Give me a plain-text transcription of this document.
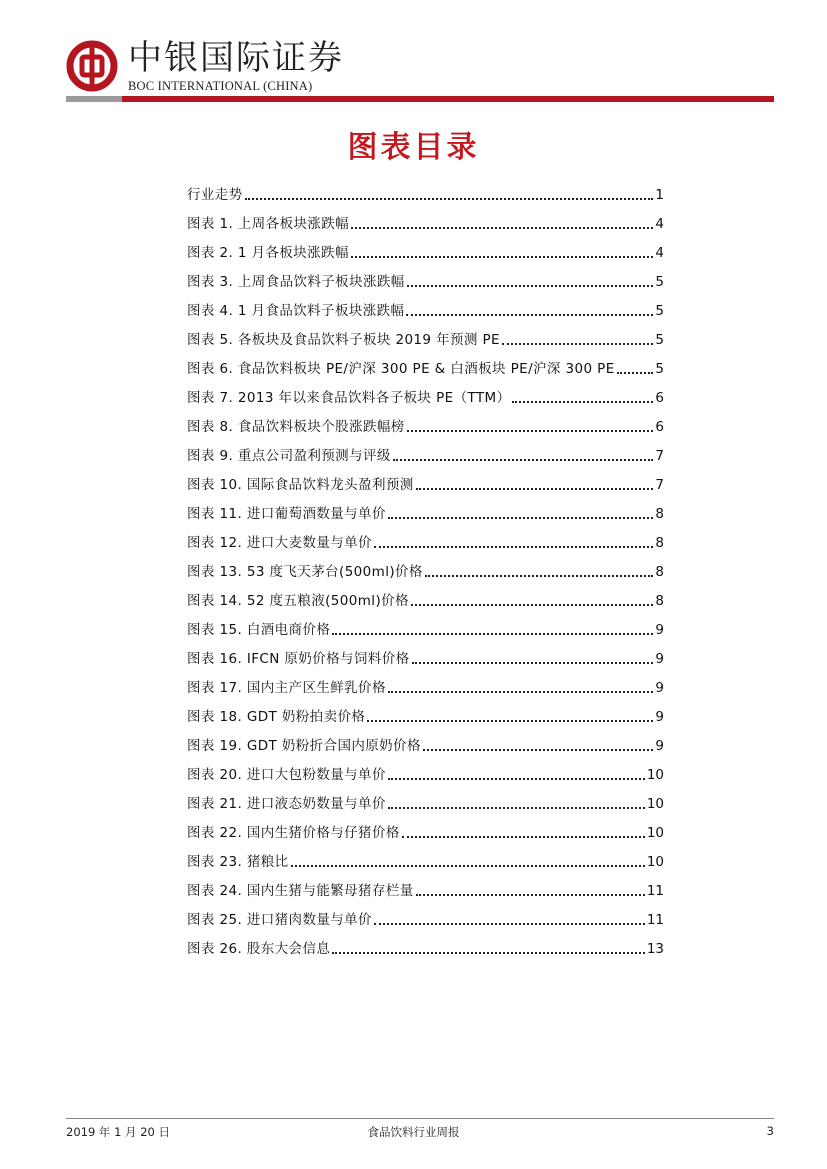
中银国际证券
BOC INTERNATIONAL (CHINA)
图表目录
行业走势	1
图表 1. 上周各板块涨跌幅	4
图表 2. 1 月各板块涨跌幅	4
图表 3. 上周食品饮料子板块涨跌幅	5
图表 4. 1 月食品饮料子板块涨跌幅	5
图表 5. 各板块及食品饮料子板块 2019 年预测 PE	5
图表 6. 食品饮料板块 PE/沪深 300 PE & 白酒板块 PE/沪深 300 PE	5
图表 7. 2013 年以来食品饮料各子板块 PE（TTM）	6
图表 8. 食品饮料板块个股涨跌幅榜	6
图表 9. 重点公司盈利预测与评级	7
图表 10. 国际食品饮料龙头盈利预测	7
图表 11. 进口葡萄酒数量与单价	8
图表 12. 进口大麦数量与单价	8
图表 13. 53 度飞天茅台(500ml)价格	8
图表 14. 52 度五粮液(500ml)价格	8
图表 15. 白酒电商价格	9
图表 16. IFCN 原奶价格与饲料价格	9
图表 17. 国内主产区生鲜乳价格	9
图表 18. GDT 奶粉拍卖价格	9
图表 19. GDT 奶粉折合国内原奶价格	9
图表 20. 进口大包粉数量与单价	10
图表 21. 进口液态奶数量与单价	10
图表 22. 国内生猪价格与仔猪价格	10
图表 23. 猪粮比	10
图表 24. 国内生猪与能繁母猪存栏量	11
图表 25. 进口猪肉数量与单价	11
图表 26. 股东大会信息	13
2019 年 1 月 20 日	食品饮料行业周报	3
